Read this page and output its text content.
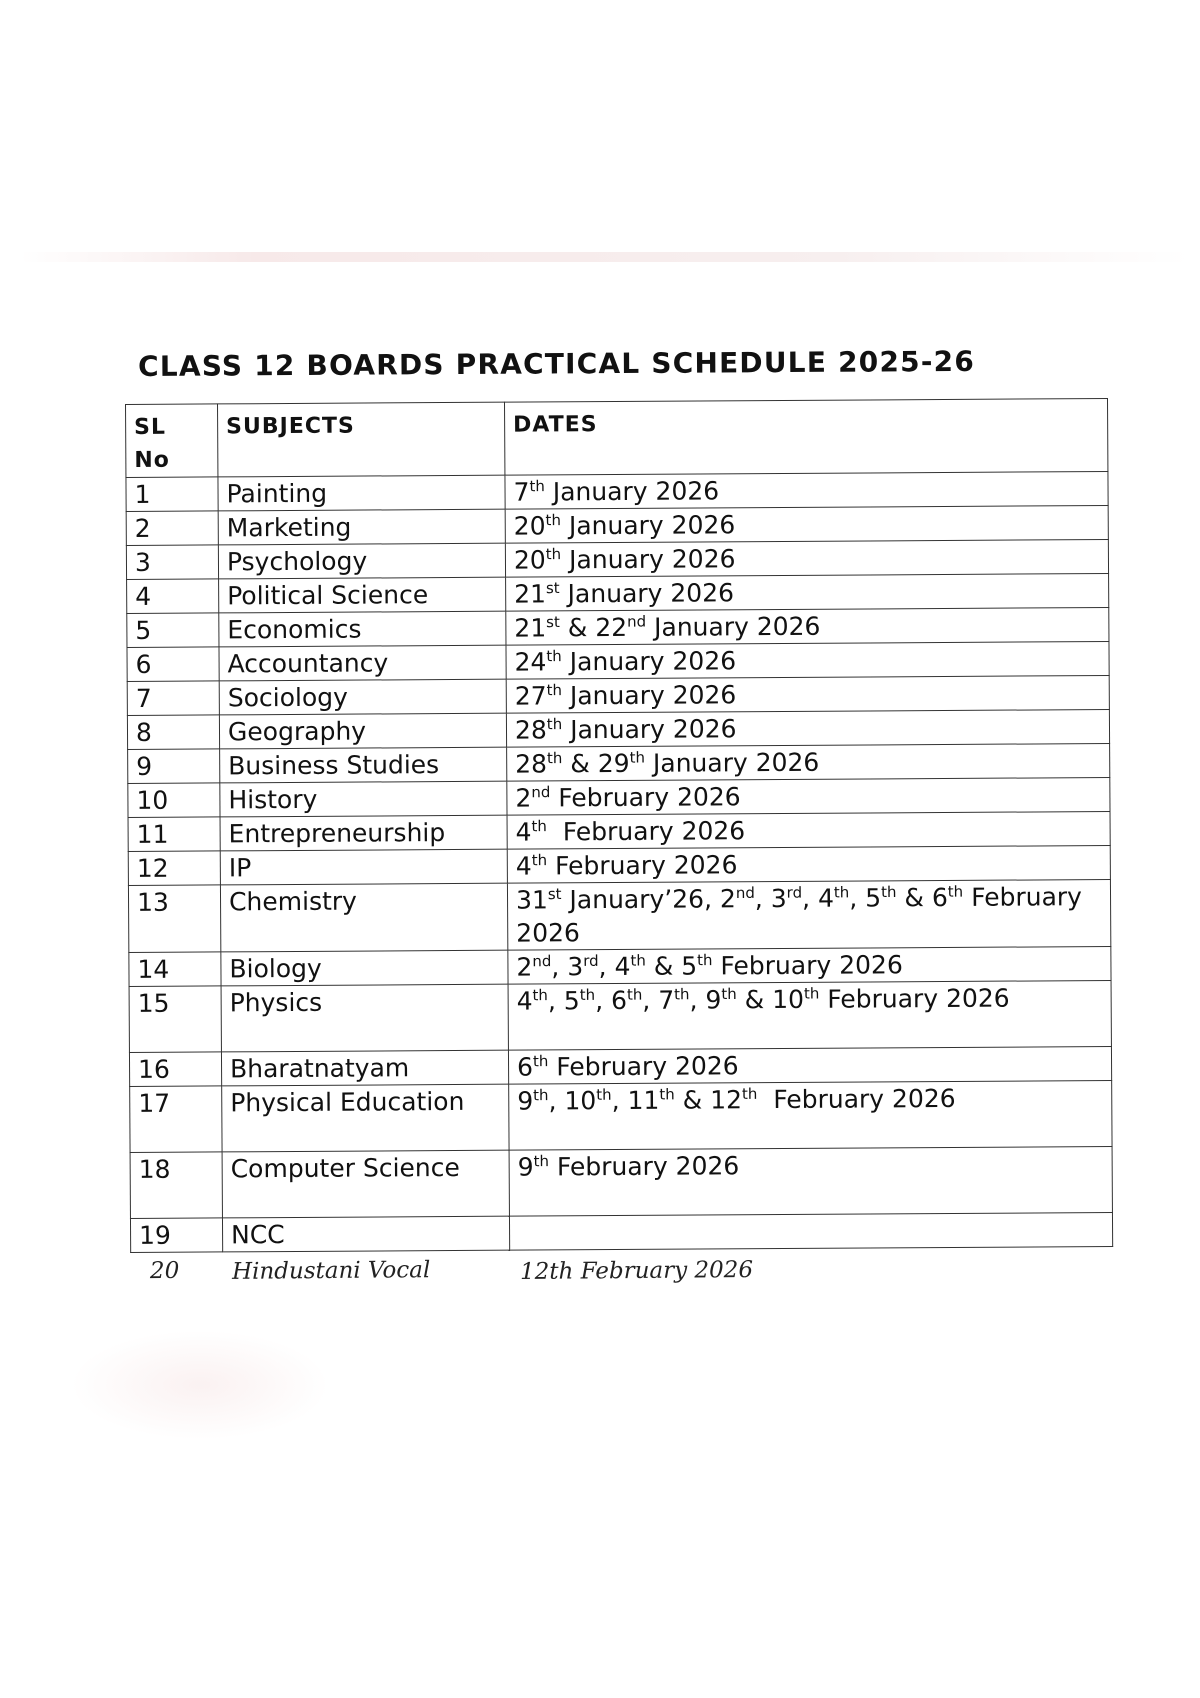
CLASS 12 BOARDS PRACTICAL SCHEDULE 2025-26
SL No	SUBJECTS	DATES
1	Painting	7th January 2026
2	Marketing	20th January 2026
3	Psychology	20th January 2026
4	Political Science	21st January 2026
5	Economics	21st & 22nd January 2026
6	Accountancy	24th January 2026
7	Sociology	27th January 2026
8	Geography	28th January 2026
9	Business Studies	28th & 29th January 2026
10	History	2nd February 2026
11	Entrepreneurship	4th  February 2026
12	IP	4th February 2026
13	Chemistry	31st January’26, 2nd, 3rd, 4th, 5th & 6th February 2026
14	Biology	2nd, 3rd, 4th & 5th February 2026
15	Physics	4th, 5th, 6th, 7th, 9th & 10th February 2026
16	Bharatnatyam	6th February 2026
17	Physical Education	9th, 10th, 11th & 12th  February 2026
18	Computer Science	9th February 2026
19	NCC	
20 Hindustani Vocal	12th February 2026
